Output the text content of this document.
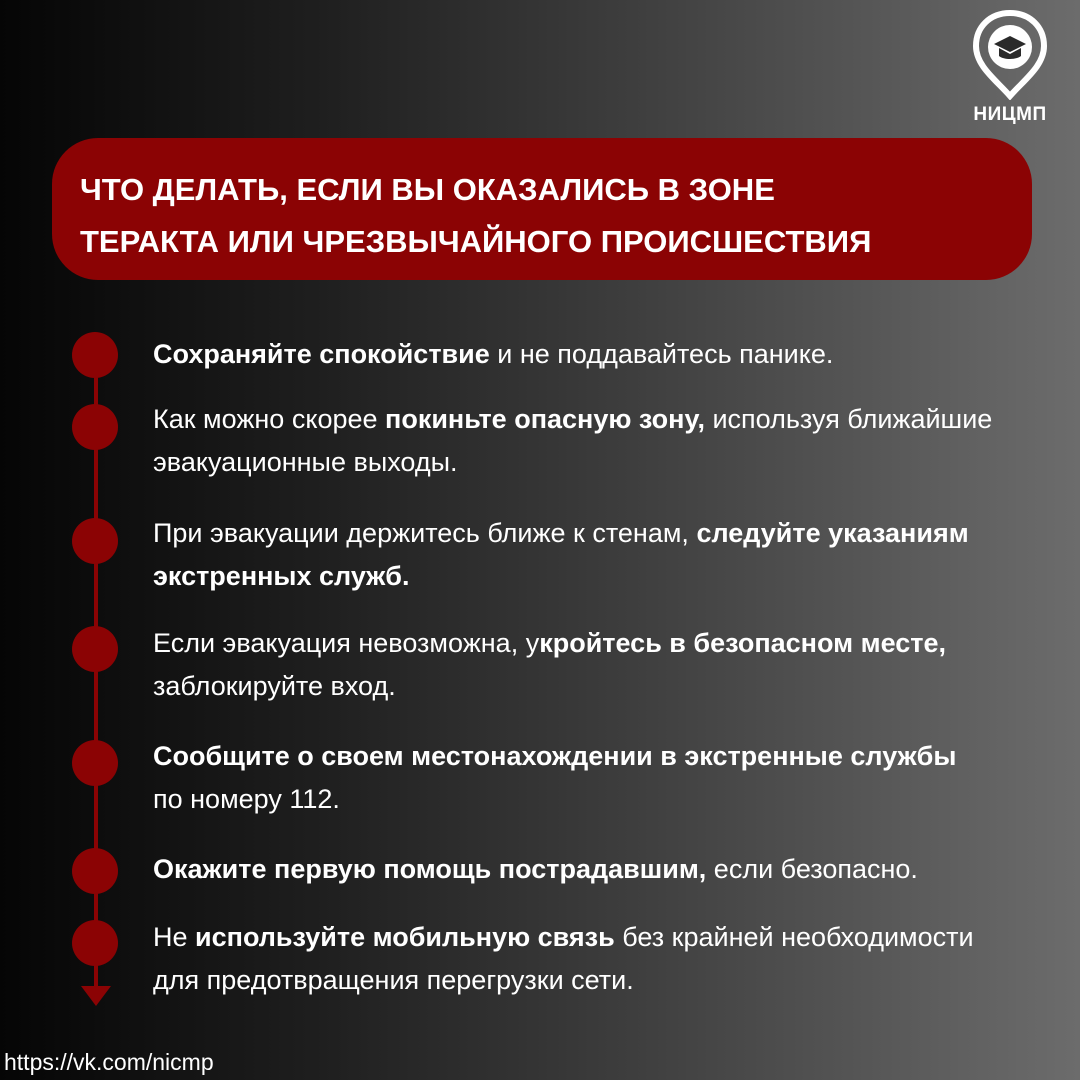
НИЦМП
ЧТО ДЕЛАТЬ, ЕСЛИ ВЫ ОКАЗАЛИСЬ В ЗОНЕ
ТЕРАКТА ИЛИ ЧРЕЗВЫЧАЙНОГО ПРОИСШЕСТВИЯ
Сохраняйте спокойствие и не поддавайтесь панике.
Как можно скорее покиньте опасную зону, используя ближайшие эвакуационные выходы.
При эвакуации держитесь ближе к стенам, следуйте указаниям экстренных служб.
Если эвакуация невозможна, укройтесь в безопасном месте, заблокируйте вход.
Сообщите о своем местонахождении в экстренные службы по номеру 112.
Окажите первую помощь пострадавшим, если безопасно.
Не используйте мобильную связь без крайней необходимости для предотвращения перегрузки сети.
https://vk.com/nicmp
